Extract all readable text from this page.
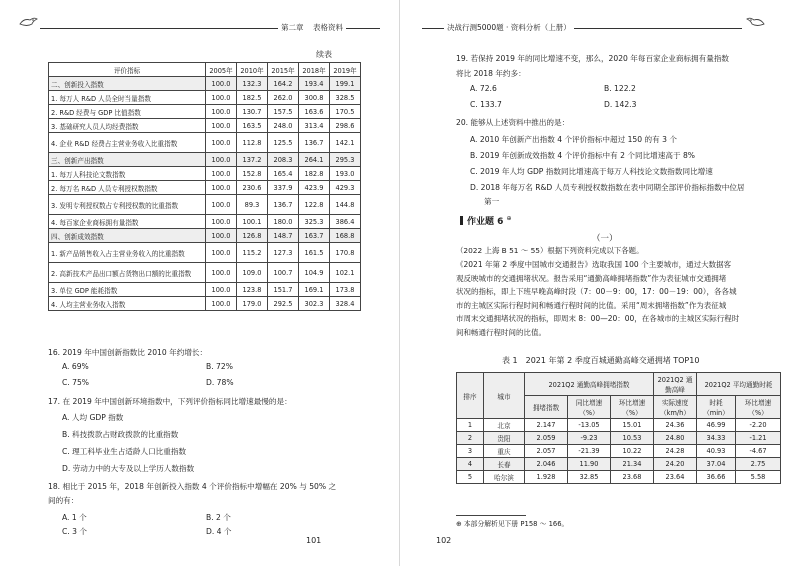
第二章 表格资料
续表
评价指标	2005年	2010年	2015年	2018年	2019年
二、创新投入指数	100.0	132.3	164.2	193.4	199.1
1. 每万人 R&D 人员全时当量指数	100.0	182.5	262.0	300.8	328.5
2. R&D 经费与 GDP 比值指数	100.0	130.7	157.5	163.6	170.5
3. 基础研究人员人均经费指数	100.0	163.5	248.0	313.4	298.6
4. 企业 R&D 经费占主营业务收入比重指数	100.0	112.8	125.5	136.7	142.1
三、创新产出指数	100.0	137.2	208.3	264.1	295.3
1. 每万人科技论文数指数	100.0	152.8	165.4	182.8	193.0
2. 每万名 R&D 人员专利授权数指数	100.0	230.6	337.9	423.9	429.3
3. 发明专利授权数占专利授权数的比重指数	100.0	89.3	136.7	122.8	144.8
4. 每百家企业商标拥有量指数	100.0	100.1	180.0	325.3	386.4
四、创新成效指数	100.0	126.8	148.7	163.7	168.8
1. 新产品销售收入占主营业务收入的比重指数	100.0	115.2	127.3	161.5	170.8
2. 高新技术产品出口额占货物出口额的比重指数	100.0	109.0	100.7	104.9	102.1
3. 单位 GDP 能耗指数	100.0	123.8	151.7	169.1	173.8
4. 人均主营业务收入指数	100.0	179.0	292.5	302.3	328.4
16. 2019 年中国创新指数比 2010 年约增长：
A. 69%	B. 72%
C. 75%	D. 78%
17. 在 2019 年中国创新环境指数中，下列评价指标同比增速最慢的是：
A. 人均 GDP 指数
B. 科技拨款占财政拨款的比重指数
C. 理工科毕业生占适龄人口比重指数
D. 劳动力中的大专及以上学历人数指数
18. 相比于 2015 年，2018 年创新投入指数 4 个评价指标中增幅在 20% 与 50% 之
间的有：
A. 1 个	B. 2 个
C. 3 个	D. 4 个
101
决战行测5000题 · 资料分析（上册）
19. 若保持 2019 年的同比增速不变，那么，2020 年每百家企业商标拥有量指数
将比 2018 年约多：
A. 72.6	B. 122.2
C. 133.7	D. 142.3
20. 能够从上述资料中推出的是：
A. 2010 年创新产出指数 4 个评价指标中超过 150 的有 3 个
B. 2019 年创新成效指数 4 个评价指标中有 2 个同比增速高于 8%
C. 2019 年人均 GDP 指数同比增速高于每万人科技论文数指数同比增速
D. 2018 年每万名 R&D 人员专利授权数指数在表中同期全部评价指标指数中位居
第一
作业题 6 ⊕
（一）
（2022 上海 B 51 ～ 55）根据下列资料完成以下各题。
《2021 年第 2 季度中国城市交通报告》选取我国 100 个主要城市，通过大数据客
观反映城市的交通拥堵状况。报告采用“通勤高峰拥堵指数”作为表征城市交通拥堵
状况的指标，即上下班早晚高峰时段（7：00－9：00，17：00－19：00），各各城
市的主城区实际行程时间和畅通行程时间的比值。采用“周末拥堵指数”作为表征城
市周末交通拥堵状况的指标，即周末 8：00—20：00，在各城市的主城区实际行程时
间和畅通行程时间的比值。
表 1　2021 年第 2 季度百城通勤高峰交通拥堵 TOP10
排序	城市	2021Q2 通勤高峰拥堵指数			2021Q2 通勤高峰	2021Q2 平均通勤时耗	
		拥堵指数	同比增速（%）	环比增速（%）	实际速度（km/h）	时耗（min）	环比增速（%）
1	北京	2.147	-13.05	15.01	24.36	46.99	-2.20
2	贵阳	2.059	-9.23	10.53	24.80	34.33	-1.21
3	重庆	2.057	-21.39	10.22	24.28	40.93	-4.67
4	长春	2.046	11.90	21.34	24.20	37.04	2.75
5	哈尔滨	1.928	32.85	23.68	23.64	36.66	5.58
⊕ 本部分解析见下册 P158 ～ 166。
102
